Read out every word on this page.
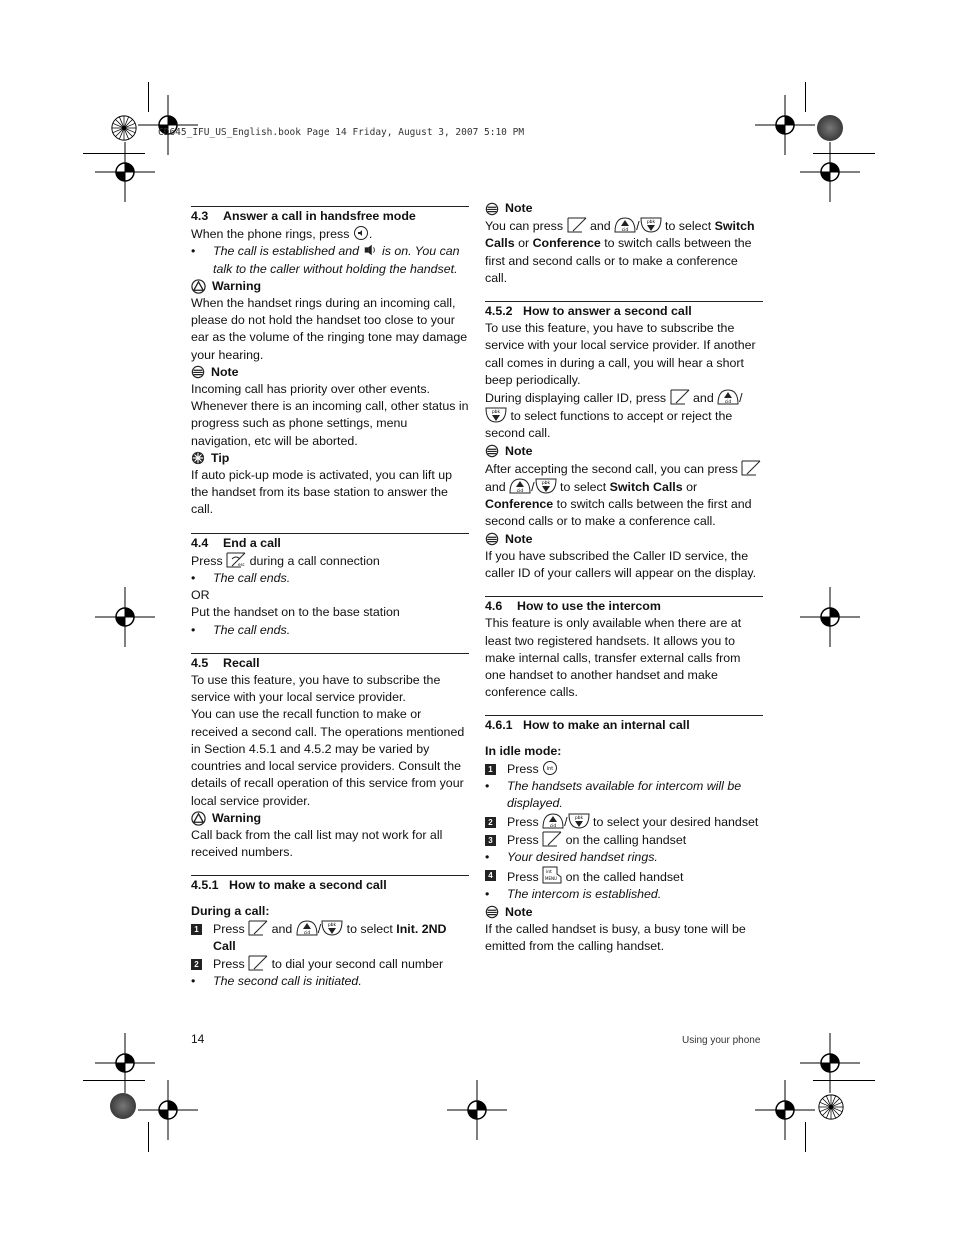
CD645_IFU_US_English.book Page 14 Friday, August 3, 2007 5:10 PM

4.3 Answer a call in handsfree mode

When the phone rings, press .

•	The call is established and is on. You can talk to the caller without holding the handset.
Warning

When the handset rings during an incoming call, please do not hold the handset too close to your ear as the volume of the ringing tone may damage your hearing.

Note

Incoming call has priority over other events. Whenever there is an incoming call, other status in progress such as phone settings, menu navigation, etc will be aborted.

Tip

If auto pick-up mode is activated, you can lift up the handset from its base station to answer the call.

4.4 End a call

Press during a call connection

•	The call ends.

OR

Put the handset on to the base station

•	The call ends.

4.5 Recall

To use this feature, you have to subscribe the service with your local service provider.

You can use the recall function to make or received a second call. The operations mentioned in Section 4.5.1 and 4.5.2 may be varied by countries and local service providers. Consult the details of recall operation of this service from your local service provider.

Warning

Call back from the call list may not work for all received numbers.

4.5.1 How to make a second call

During a call:

1	Press and / to select Init. 2ND Call
2	Press to dial your second call number
•	The second call is initiated.
14
Note

You can press and / to select Switch Calls or Conference to switch calls between the first and second calls or to make a conference call.

4.5.2 How to answer a second call

To use this feature, you have to subscribe the service with your local service provider. If another call comes in during a call, you will hear a short beep periodically.

During displaying caller ID, press and /  to select functions to accept or reject the second call.

Note

After accepting the second call, you can press  and / to select Switch Calls or Conference to switch calls between the first and second calls or to make a conference call.

Note

If you have subscribed the Caller ID service, the caller ID of your callers will appear on the display.

4.6 How to use the intercom

This feature is only available when there are at least two registered handsets. It allows you to make internal calls, transfer external calls from one handset to another handset and make conference calls.

4.6.1 How to make an internal call

In idle mode:

1	Press int
•	The handsets available for intercom will be displayed.
2	Press / to select your desired handset
3	Press on the calling handset
•	Your desired handset rings.
4	Press on the called handset
•	The intercom is established.
Note

If the called handset is busy, a busy tone will be emitted from the calling handset.

Using your phone
